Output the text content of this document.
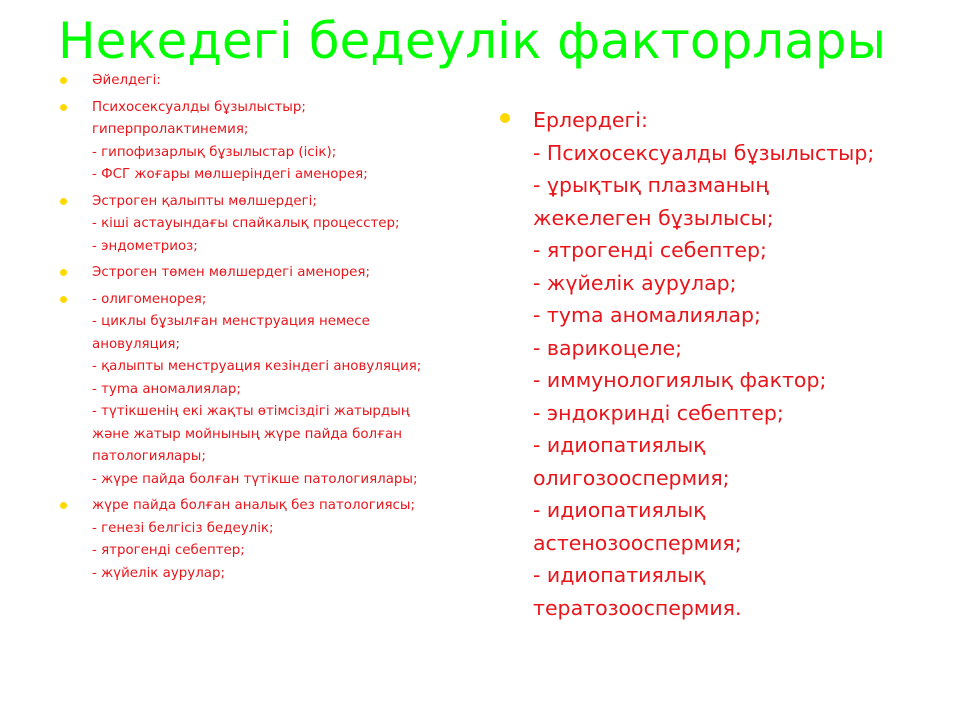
Некедегі бедеулік факторлары
Әйелдегі:
Психосексуалды бұзылыстыр;
гиперпролактинемия;
- гипофизарлық бұзылыстар (ісік);
- ФСГ жоғары мөлшеріндегі аменорея;
Эстроген қалыпты мөлшердегі;
- кіші астауындағы спайкалық процесстер;
- эндометриоз;
Эстроген төмен мөлшердегі аменорея;
- олигоменорея;
- циклы бұзылған менструация немесе
ановуляция;
- қалыпты менструация кезіндегі ановуляция;
- туma аномалиялар;
- түтікшенің екі жақты өтімсіздігі жатырдың
және жатыр мойнының жүре пайда болған
патологиялары;
- жүре пайда болған түтікше патологиялары;
жүре пайда болған аналық без патологиясы;
- генезі белгісіз бедеулік;
- ятрогенді себептер;
- жүйелік аурулар;
Ерлердегі:
- Психосексуалды бұзылыстыр;
- ұрықтық плазманың
жекелеген бұзылысы;
- ятрогенді себептер;
- жүйелік аурулар;
- туma аномалиялар;
- варикоцеле;
- иммунологиялық фактор;
- эндокринді себептер;
- идиопатиялық
олигозооспермия;
- идиопатиялық
астенозооспермия;
- идиопатиялық
тератозооспермия.
